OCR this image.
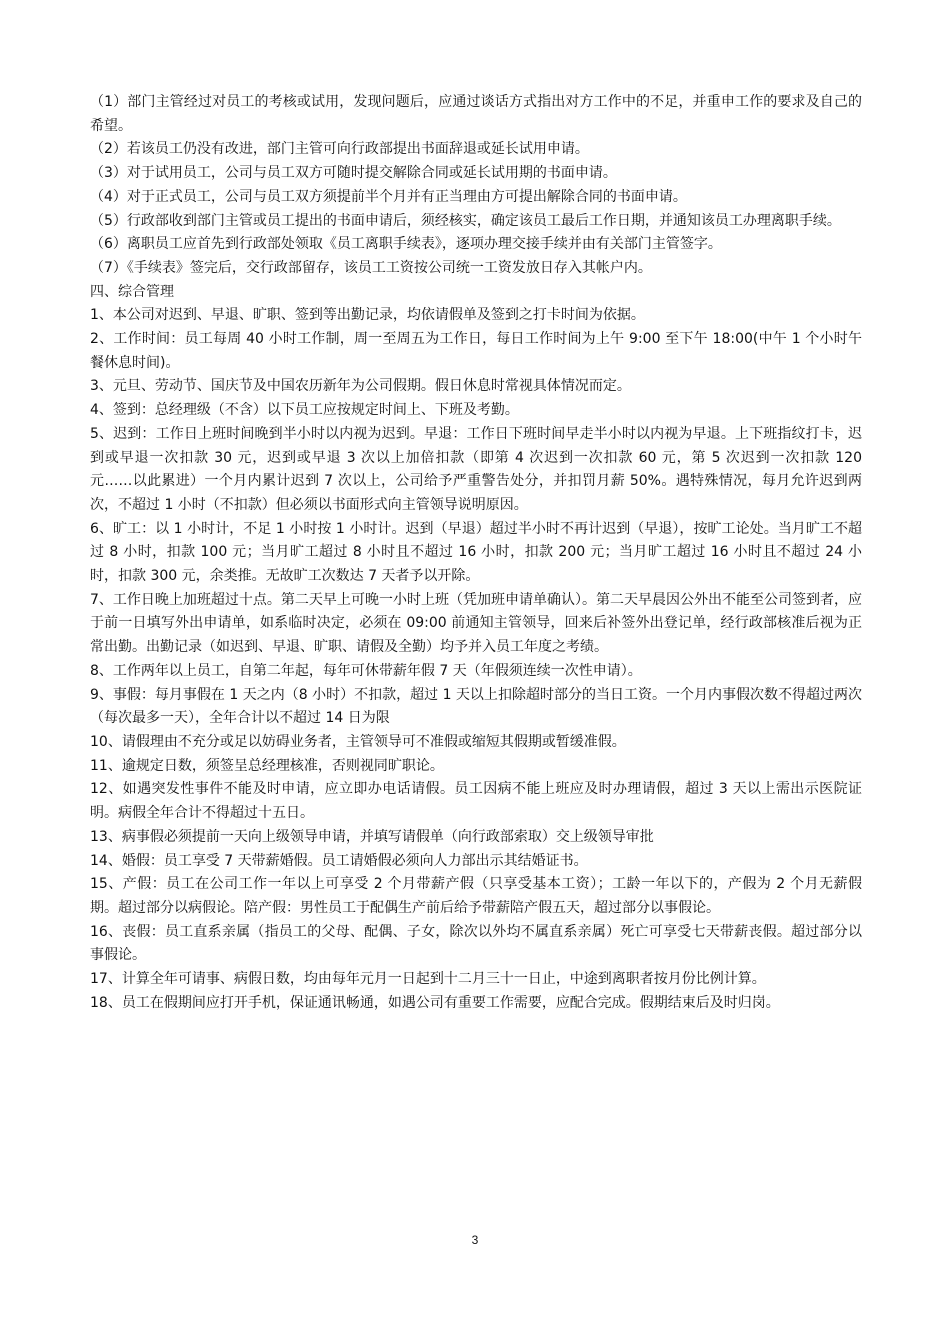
（1）部门主管经过对员工的考核或试用，发现问题后，应通过谈话方式指出对方工作中的不足，并重申工作的要求及自己的希望。

（2）若该员工仍没有改进，部门主管可向行政部提出书面辞退或延长试用申请。

（3）对于试用员工，公司与员工双方可随时提交解除合同或延长试用期的书面申请。

（4）对于正式员工，公司与员工双方须提前半个月并有正当理由方可提出解除合同的书面申请。

（5）行政部收到部门主管或员工提出的书面申请后，须经核实，确定该员工最后工作日期，并通知该员工办理离职手续。

（6）离职员工应首先到行政部处领取《员工离职手续表》，逐项办理交接手续并由有关部门主管签字。

（7）《手续表》签完后，交行政部留存，该员工工资按公司统一工资发放日存入其帐户内。

四、综合管理

1、本公司对迟到、早退、旷职、签到等出勤记录，均依请假单及签到之打卡时间为依据。

2、工作时间：员工每周 40 小时工作制，周一至周五为工作日，每日工作时间为上午 9:00 至下午 18:00(中午 1 个小时午餐休息时间)。

3、元旦、劳动节、国庆节及中国农历新年为公司假期。假日休息时常视具体情况而定。

4、签到：总经理级（不含）以下员工应按规定时间上、下班及考勤。

5、迟到：工作日上班时间晚到半小时以内视为迟到。早退：工作日下班时间早走半小时以内视为早退。上下班指纹打卡，迟到或早退一次扣款 30 元，迟到或早退 3 次以上加倍扣款（即第 4 次迟到一次扣款 60 元，第 5 次迟到一次扣款 120 元……以此累进）一个月内累计迟到 7 次以上，公司给予严重警告处分，并扣罚月薪 50%。遇特殊情况，每月允许迟到两次，不超过 1 小时（不扣款）但必须以书面形式向主管领导说明原因。

6、旷工：以 1 小时计，不足 1 小时按 1 小时计。迟到（早退）超过半小时不再计迟到（早退），按旷工论处。当月旷工不超过 8 小时，扣款 100 元；当月旷工超过 8 小时且不超过 16 小时，扣款 200 元；当月旷工超过 16 小时且不超过 24 小时，扣款 300 元，余类推。无故旷工次数达 7 天者予以开除。

7、工作日晚上加班超过十点。第二天早上可晚一小时上班（凭加班申请单确认）。第二天早晨因公外出不能至公司签到者，应于前一日填写外出申请单，如系临时决定，必须在 09:00 前通知主管领导，回来后补签外出登记单，经行政部核准后视为正常出勤。出勤记录（如迟到、早退、旷职、请假及全勤）均予并入员工年度之考绩。

8、工作两年以上员工，自第二年起，每年可休带薪年假 7 天（年假须连续一次性申请）。

9、事假：每月事假在 1 天之内（8 小时）不扣款，超过 1 天以上扣除超时部分的当日工资。一个月内事假次数不得超过两次（每次最多一天），全年合计以不超过 14 日为限

10、请假理由不充分或足以妨碍业务者，主管领导可不准假或缩短其假期或暂缓准假。

11、逾规定日数，须签呈总经理核准，否则视同旷职论。

12、如遇突发性事件不能及时申请，应立即办电话请假。员工因病不能上班应及时办理请假，超过 3 天以上需出示医院证明。病假全年合计不得超过十五日。

13、病事假必须提前一天向上级领导申请，并填写请假单（向行政部索取）交上级领导审批

14、婚假：员工享受 7 天带薪婚假。员工请婚假必须向人力部出示其结婚证书。

15、产假：员工在公司工作一年以上可享受 2 个月带薪产假（只享受基本工资）；工龄一年以下的，产假为 2 个月无薪假期。超过部分以病假论。陪产假：男性员工于配偶生产前后给予带薪陪产假五天，超过部分以事假论。

16、丧假：员工直系亲属（指员工的父母、配偶、子女，除次以外均不属直系亲属）死亡可享受七天带薪丧假。超过部分以事假论。

17、计算全年可请事、病假日数，均由每年元月一日起到十二月三十一日止，中途到离职者按月份比例计算。

18、员工在假期间应打开手机，保证通讯畅通，如遇公司有重要工作需要，应配合完成。假期结束后及时归岗。

3
